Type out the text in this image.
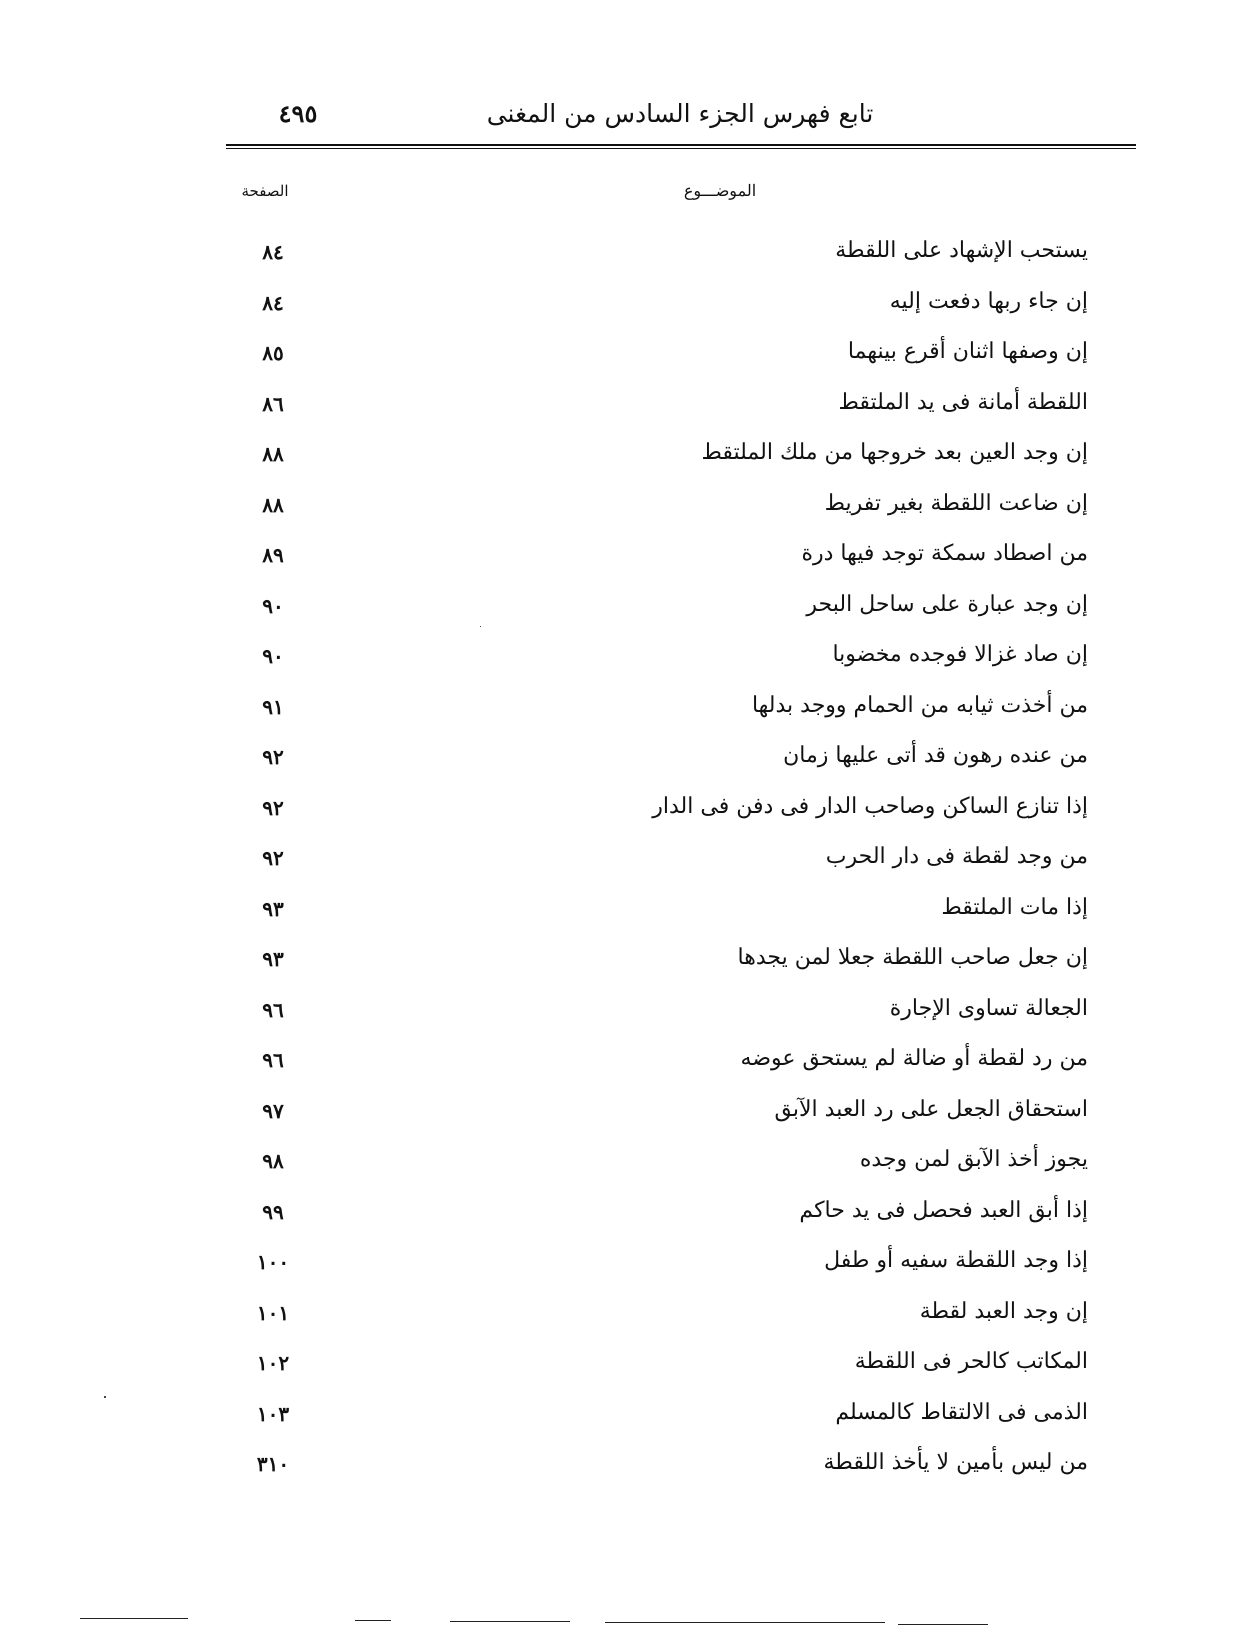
تابع فهرس الجزء السادس من المغنى
٤٩٥
الموضـــوع
الصفحة
يستحب الإشهاد على اللقطة
٨٤
إن جاء ربها دفعت إليه
٨٤
إن وصفها اثنان أقرع بينهما
٨٥
اللقطة أمانة فى يد الملتقط
٨٦
إن وجد العين بعد خروجها من ملك الملتقط
٨٨
إن ضاعت اللقطة بغير تفريط
٨٨
من اصطاد سمكة توجد فيها درة
٨٩
إن وجد عبارة على ساحل البحر
٩٠
إن صاد غزالا فوجده مخضوبا
٩٠
من أخذت ثيابه من الحمام ووجد بدلها
٩١
من عنده رهون قد أتى عليها زمان
٩٢
إذا تنازع الساكن وصاحب الدار فى دفن فى الدار
٩٢
من وجد لقطة فى دار الحرب
٩٢
إذا مات الملتقط
٩٣
إن جعل صاحب اللقطة جعلا لمن يجدها
٩٣
الجعالة تساوى الإجارة
٩٦
من رد لقطة أو ضالة لم يستحق عوضه
٩٦
استحقاق الجعل على رد العبد الآبق
٩٧
يجوز أخذ الآبق لمن وجده
٩٨
إذا أبق العبد فحصل فى يد حاكم
٩٩
إذا وجد اللقطة سفيه أو طفل
١٠٠
إن وجد العبد لقطة
١٠١
المكاتب كالحر فى اللقطة
١٠٢
الذمى فى الالتقاط كالمسلم
١٠٣
من ليس بأمين لا يأخذ اللقطة
٣١٠
